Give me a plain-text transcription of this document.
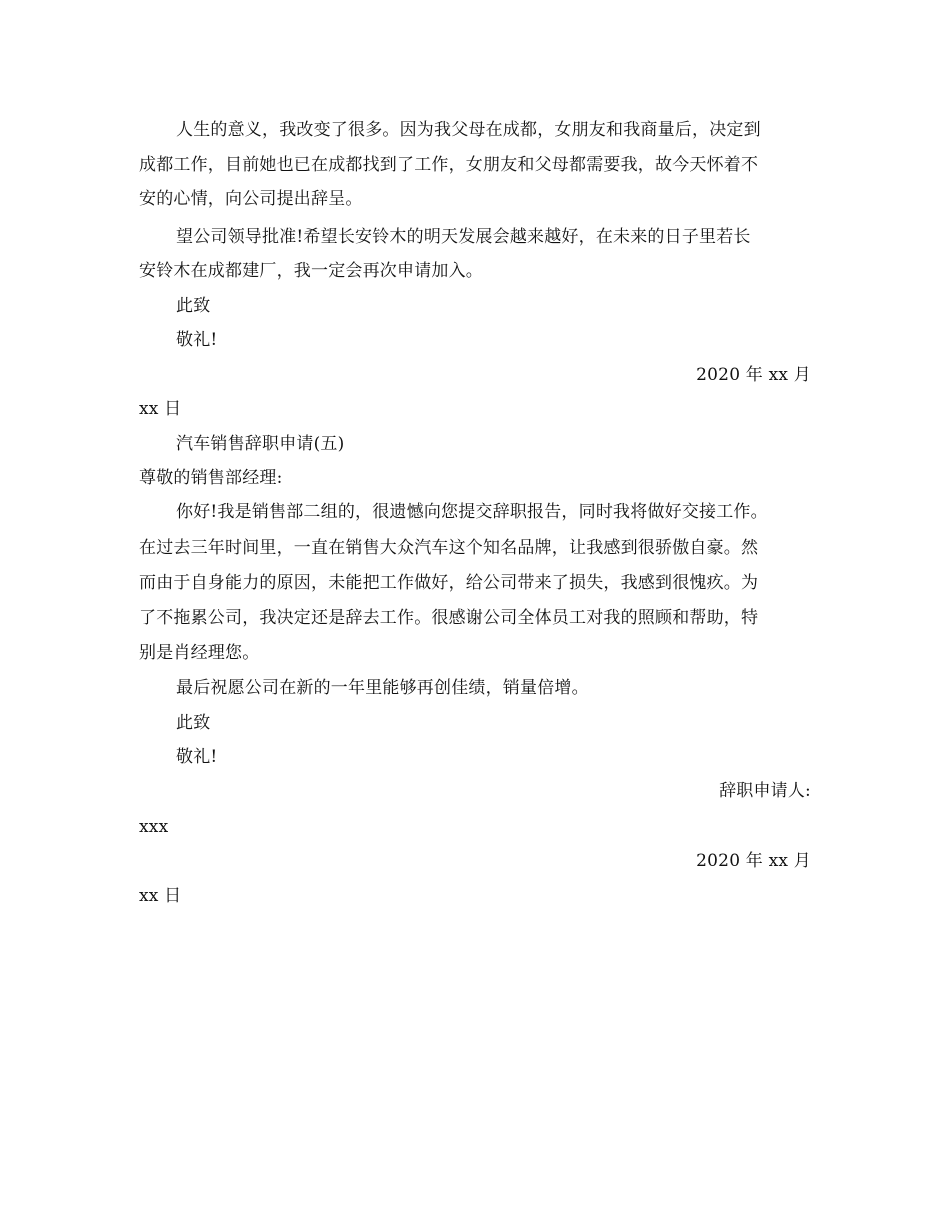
人生的意义，我改变了很多。因为我父母在成都，女朋友和我商量后，决定到
成都工作，目前她也已在成都找到了工作，女朋友和父母都需要我，故今天怀着不
安的心情，向公司提出辞呈。
望公司领导批准!希望长安铃木的明天发展会越来越好，在未来的日子里若长
安铃木在成都建厂，我一定会再次申请加入。
此致
敬礼!
2020 年 xx 月
xx 日
汽车销售辞职申请(五)
尊敬的销售部经理:
你好!我是销售部二组的，很遗憾向您提交辞职报告，同时我将做好交接工作。
在过去三年时间里，一直在销售大众汽车这个知名品牌，让我感到很骄傲自豪。然
而由于自身能力的原因，未能把工作做好，给公司带来了损失，我感到很愧疚。为
了不拖累公司，我决定还是辞去工作。很感谢公司全体员工对我的照顾和帮助，特
别是肖经理您。
最后祝愿公司在新的一年里能够再创佳绩，销量倍增。
此致
敬礼!
辞职申请人:
xxx
2020 年 xx 月
xx 日
